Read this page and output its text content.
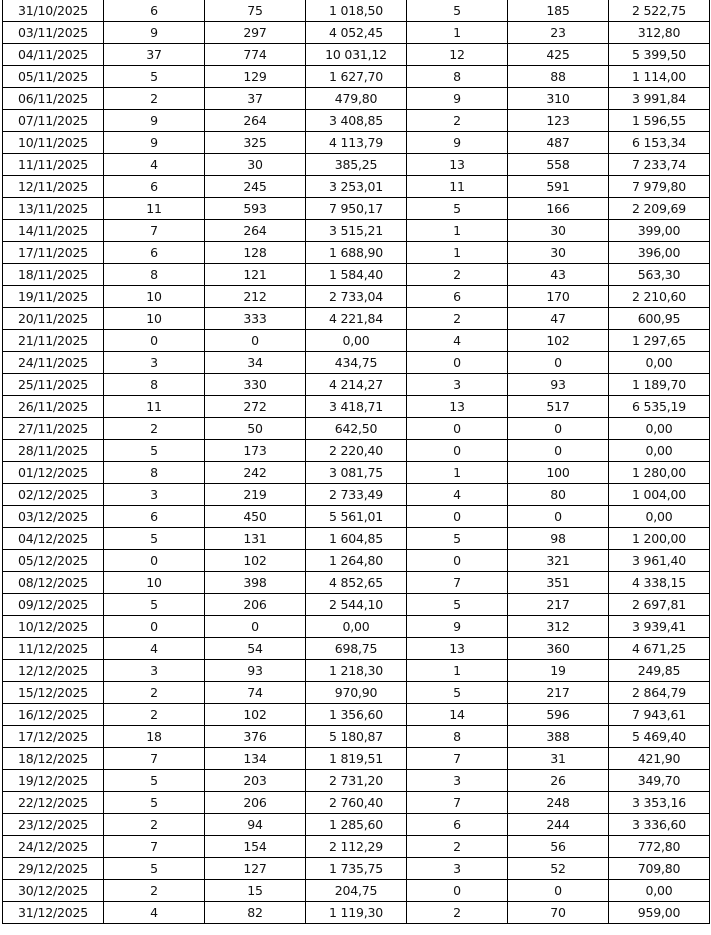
31/10/2025	6	75	1 018,50	5	185	2 522,75
03/11/2025	9	297	4 052,45	1	23	312,80
04/11/2025	37	774	10 031,12	12	425	5 399,50
05/11/2025	5	129	1 627,70	8	88	1 114,00
06/11/2025	2	37	479,80	9	310	3 991,84
07/11/2025	9	264	3 408,85	2	123	1 596,55
10/11/2025	9	325	4 113,79	9	487	6 153,34
11/11/2025	4	30	385,25	13	558	7 233,74
12/11/2025	6	245	3 253,01	11	591	7 979,80
13/11/2025	11	593	7 950,17	5	166	2 209,69
14/11/2025	7	264	3 515,21	1	30	399,00
17/11/2025	6	128	1 688,90	1	30	396,00
18/11/2025	8	121	1 584,40	2	43	563,30
19/11/2025	10	212	2 733,04	6	170	2 210,60
20/11/2025	10	333	4 221,84	2	47	600,95
21/11/2025	0	0	0,00	4	102	1 297,65
24/11/2025	3	34	434,75	0	0	0,00
25/11/2025	8	330	4 214,27	3	93	1 189,70
26/11/2025	11	272	3 418,71	13	517	6 535,19
27/11/2025	2	50	642,50	0	0	0,00
28/11/2025	5	173	2 220,40	0	0	0,00
01/12/2025	8	242	3 081,75	1	100	1 280,00
02/12/2025	3	219	2 733,49	4	80	1 004,00
03/12/2025	6	450	5 561,01	0	0	0,00
04/12/2025	5	131	1 604,85	5	98	1 200,00
05/12/2025	0	102	1 264,80	0	321	3 961,40
08/12/2025	10	398	4 852,65	7	351	4 338,15
09/12/2025	5	206	2 544,10	5	217	2 697,81
10/12/2025	0	0	0,00	9	312	3 939,41
11/12/2025	4	54	698,75	13	360	4 671,25
12/12/2025	3	93	1 218,30	1	19	249,85
15/12/2025	2	74	970,90	5	217	2 864,79
16/12/2025	2	102	1 356,60	14	596	7 943,61
17/12/2025	18	376	5 180,87	8	388	5 469,40
18/12/2025	7	134	1 819,51	7	31	421,90
19/12/2025	5	203	2 731,20	3	26	349,70
22/12/2025	5	206	2 760,40	7	248	3 353,16
23/12/2025	2	94	1 285,60	6	244	3 336,60
24/12/2025	7	154	2 112,29	2	56	772,80
29/12/2025	5	127	1 735,75	3	52	709,80
30/12/2025	2	15	204,75	0	0	0,00
31/12/2025	4	82	1 119,30	2	70	959,00
